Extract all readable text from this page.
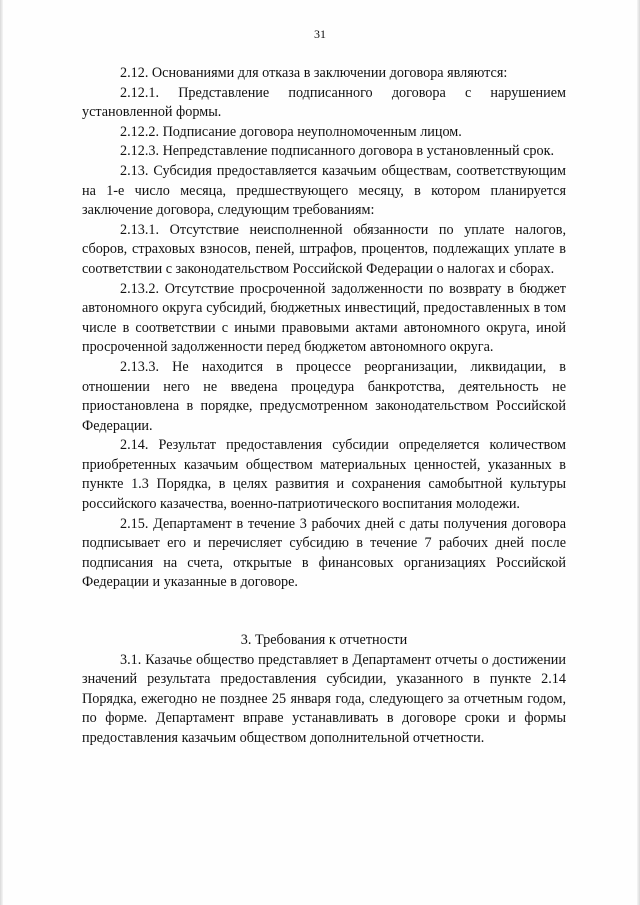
31

2.12. Основаниями для отказа в заключении договора являются:

2.12.1. Представление подписанного договора с нарушением установленной формы.

2.12.2. Подписание договора неуполномоченным лицом.

2.12.3. Непредставление подписанного договора в установленный срок.

2.13. Субсидия предоставляется казачьим обществам, соответствующим на 1-е число месяца, предшествующего месяцу, в котором планируется заключение договора, следующим требованиям:

2.13.1. Отсутствие неисполненной обязанности по уплате налогов, сборов, страховых взносов, пеней, штрафов, процентов, подлежащих уплате в соответствии с законодательством Российской Федерации о налогах и сборах.

2.13.2. Отсутствие просроченной задолженности по возврату в бюджет автономного округа субсидий, бюджетных инвестиций, предоставленных в том числе в соответствии с иными правовыми актами автономного округа, иной просроченной задолженности перед бюджетом автономного округа.

2.13.3. Не находится в процессе реорганизации, ликвидации, в отношении него не введена процедура банкротства, деятельность не приостановлена в порядке, предусмотренном законодательством Российской Федерации.

2.14. Результат предоставления субсидии определяется количеством приобретенных казачьим обществом материальных ценностей, указанных в пункте 1.3 Порядка, в целях развития и сохранения самобытной культуры российского казачества, военно-патриотического воспитания молодежи.

2.15. Департамент в течение 3 рабочих дней с даты получения договора подписывает его и перечисляет субсидию в течение 7 рабочих дней после подписания на счета, открытые в финансовых организациях Российской Федерации и указанные в договоре.

3. Требования к отчетности

3.1. Казачье общество представляет в Департамент отчеты о достижении значений результата предоставления субсидии, указанного в пункте 2.14 Порядка, ежегодно не позднее 25 января года, следующего за отчетным годом, по форме. Департамент вправе устанавливать в договоре сроки и формы предоставления казачьим обществом дополнительной отчетности.
